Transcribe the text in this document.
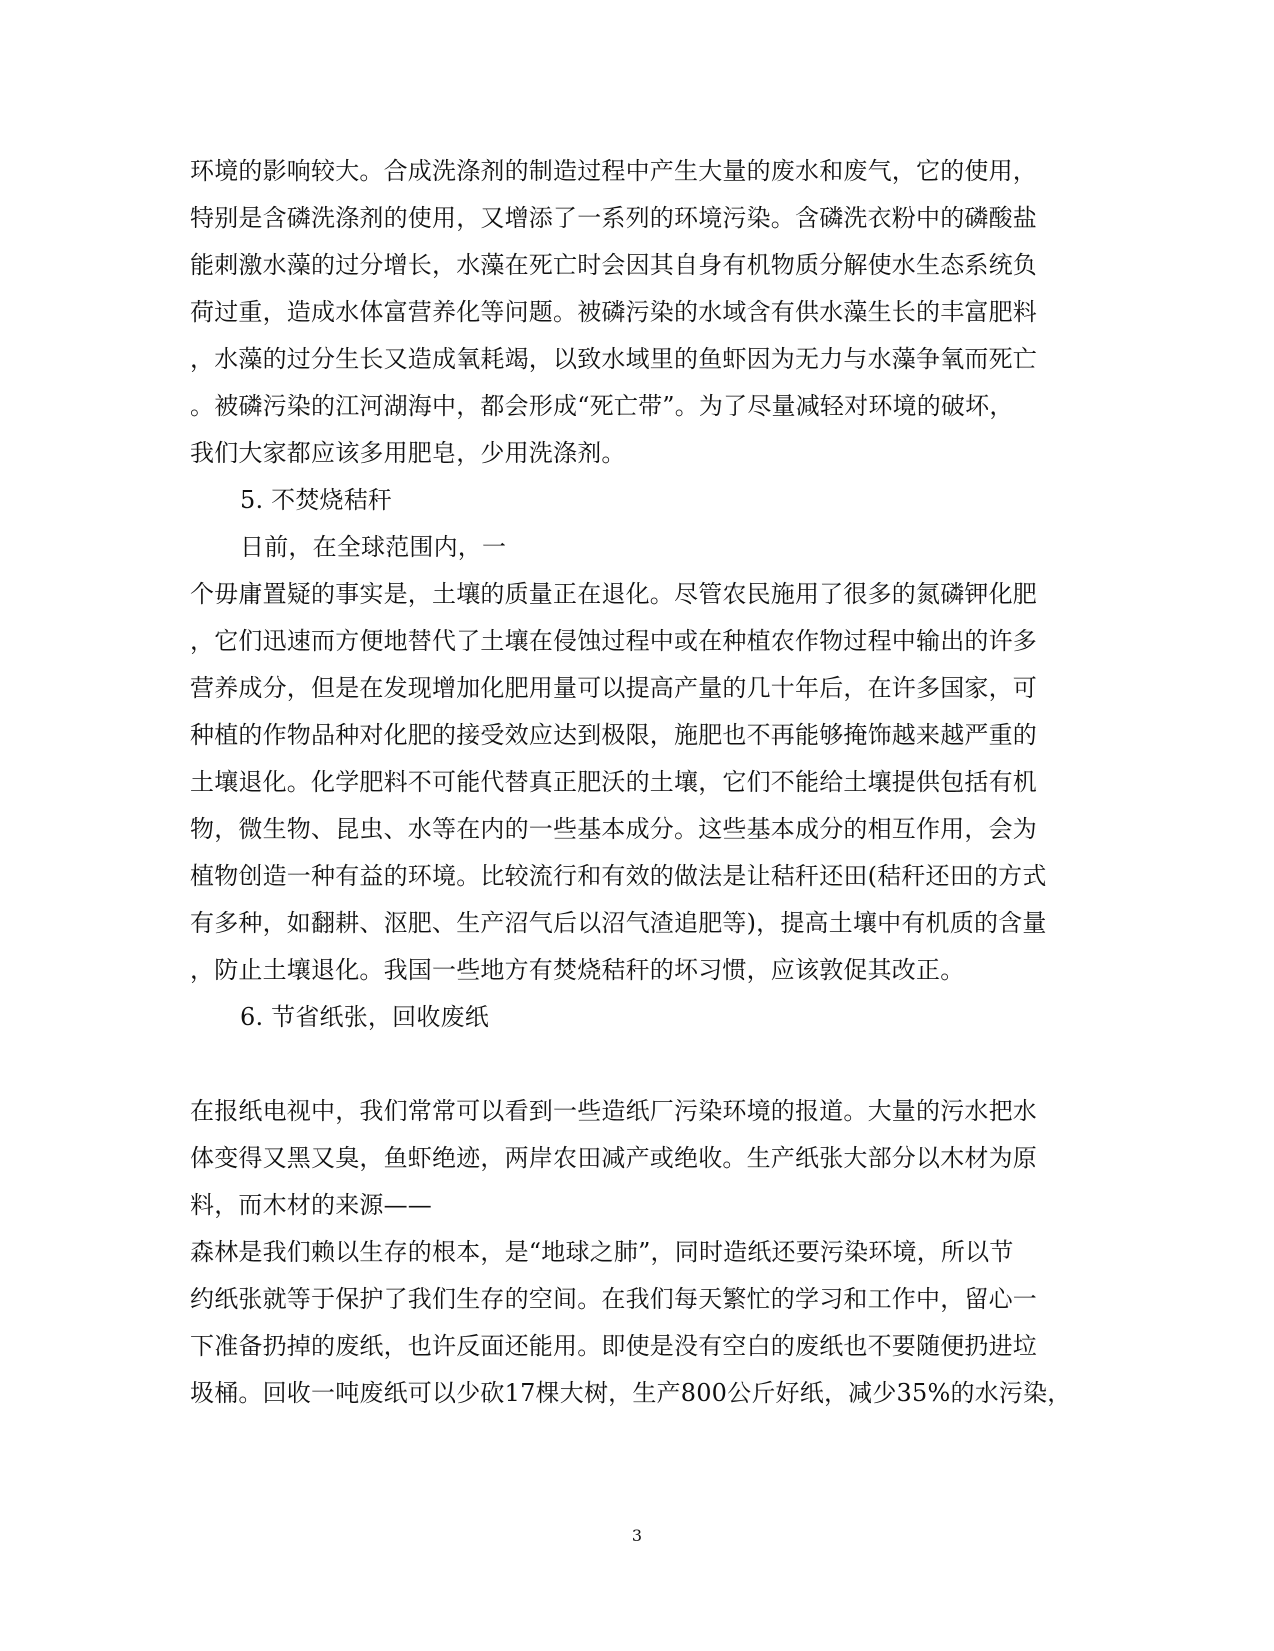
环境的影响较大。合成洗涤剂的制造过程中产生大量的废水和废气，它的使用，
特别是含磷洗涤剂的使用，又增添了一系列的环境污染。含磷洗衣粉中的磷酸盐
能刺激水藻的过分增长，水藻在死亡时会因其自身有机物质分解使水生态系统负
荷过重，造成水体富营养化等问题。被磷污染的水域含有供水藻生长的丰富肥料
，水藻的过分生长又造成氧耗竭，以致水域里的鱼虾因为无力与水藻争氧而死亡
。被磷污染的江河湖海中，都会形成“死亡带”。为了尽量减轻对环境的破坏，
我们大家都应该多用肥皂，少用洗涤剂。
5. 不焚烧秸秆
日前，在全球范围内，一
个毋庸置疑的事实是，土壤的质量正在退化。尽管农民施用了很多的氮磷钾化肥
，它们迅速而方便地替代了土壤在侵蚀过程中或在种植农作物过程中输出的许多
营养成分，但是在发现增加化肥用量可以提高产量的几十年后，在许多国家，可
种植的作物品种对化肥的接受效应达到极限，施肥也不再能够掩饰越来越严重的
土壤退化。化学肥料不可能代替真正肥沃的土壤，它们不能给土壤提供包括有机
物，微生物、昆虫、水等在内的一些基本成分。这些基本成分的相互作用，会为
植物创造一种有益的环境。比较流行和有效的做法是让秸秆还田(秸秆还田的方式
有多种，如翻耕、沤肥、生产沼气后以沼气渣追肥等)，提高土壤中有机质的含量
，防止土壤退化。我国一些地方有焚烧秸秆的坏习惯，应该敦促其改正。
6. 节省纸张，回收废纸
在报纸电视中，我们常常可以看到一些造纸厂污染环境的报道。大量的污水把水
体变得又黑又臭，鱼虾绝迹，两岸农田减产或绝收。生产纸张大部分以木材为原
料，而木材的来源——
森林是我们赖以生存的根本，是“地球之肺”，同时造纸还要污染环境，所以节
约纸张就等于保护了我们生存的空间。在我们每天繁忙的学习和工作中，留心一
下准备扔掉的废纸，也许反面还能用。即使是没有空白的废纸也不要随便扔进垃
圾桶。回收一吨废纸可以少砍17棵大树，生产800公斤好纸，减少35%的水污染，
3
